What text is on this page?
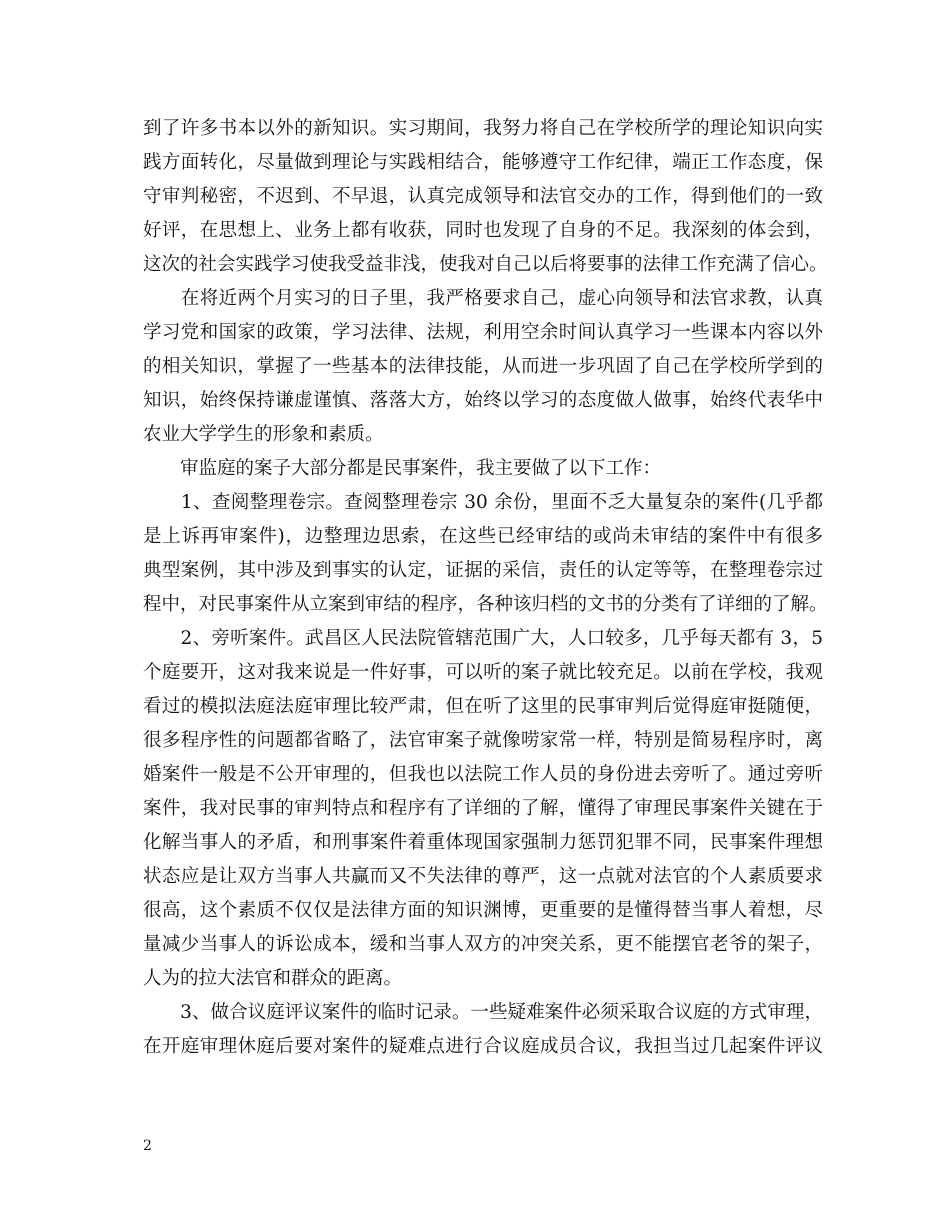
到了许多书本以外的新知识。实习期间，我努力将自己在学校所学的理论知识向实
践方面转化，尽量做到理论与实践相结合，能够遵守工作纪律，端正工作态度，保
守审判秘密，不迟到、不早退，认真完成领导和法官交办的工作，得到他们的一致
好评，在思想上、业务上都有收获，同时也发现了自身的不足。我深刻的体会到，
这次的社会实践学习使我受益非浅，使我对自己以后将要事的法律工作充满了信心。
　　在将近两个月实习的日子里，我严格要求自己，虚心向领导和法官求教，认真
学习党和国家的政策，学习法律、法规，利用空余时间认真学习一些课本内容以外
的相关知识，掌握了一些基本的法律技能，从而进一步巩固了自己在学校所学到的
知识，始终保持谦虚谨慎、落落大方，始终以学习的态度做人做事，始终代表华中
农业大学学生的形象和素质。
　　审监庭的案子大部分都是民事案件，我主要做了以下工作：
　　1、查阅整理卷宗。查阅整理卷宗 30 余份，里面不乏大量复杂的案件(几乎都
是上诉再审案件)，边整理边思索，在这些已经审结的或尚未审结的案件中有很多
典型案例，其中涉及到事实的认定，证据的采信，责任的认定等等，在整理卷宗过
程中，对民事案件从立案到审结的程序，各种该归档的文书的分类有了详细的了解。
　　2、旁听案件。武昌区人民法院管辖范围广大，人口较多，几乎每天都有 3，5
个庭要开，这对我来说是一件好事，可以听的案子就比较充足。以前在学校，我观
看过的模拟法庭法庭审理比较严肃，但在听了这里的民事审判后觉得庭审挺随便，
很多程序性的问题都省略了，法官审案子就像唠家常一样，特别是简易程序时，离
婚案件一般是不公开审理的，但我也以法院工作人员的身份进去旁听了。通过旁听
案件，我对民事的审判特点和程序有了详细的了解，懂得了审理民事案件关键在于
化解当事人的矛盾，和刑事案件着重体现国家强制力惩罚犯罪不同，民事案件理想
状态应是让双方当事人共赢而又不失法律的尊严，这一点就对法官的个人素质要求
很高，这个素质不仅仅是法律方面的知识渊博，更重要的是懂得替当事人着想，尽
量减少当事人的诉讼成本，缓和当事人双方的冲突关系，更不能摆官老爷的架子，
人为的拉大法官和群众的距离。
　　3、做合议庭评议案件的临时记录。一些疑难案件必须采取合议庭的方式审理，
在开庭审理休庭后要对案件的疑难点进行合议庭成员合议，我担当过几起案件评议
2
